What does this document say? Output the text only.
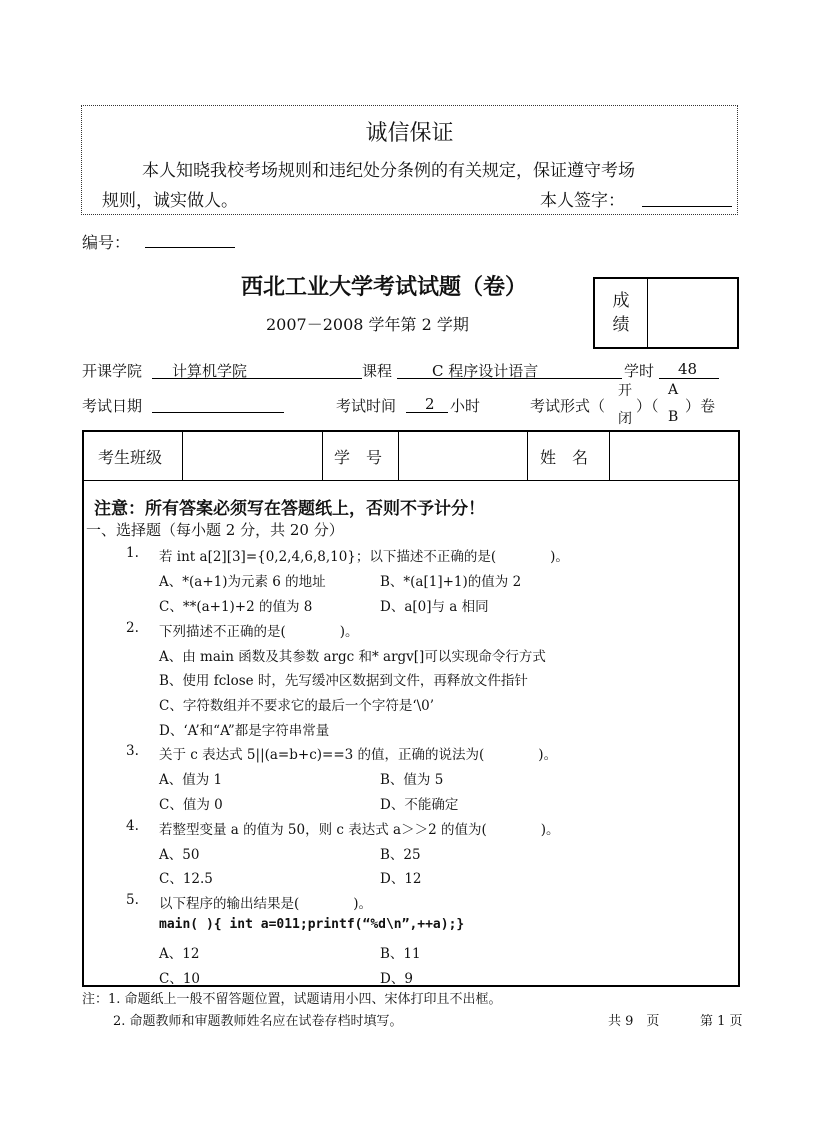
诚信保证
本人知晓我校考场规则和违纪处分条例的有关规定，保证遵守考场
规则，诚实做人。	本人签字：
编号：
西北工业大学考试试题（卷）
2007－2008 学年第 2 学期
成绩
开课学院 计算机学院	课程	C 程序设计语言	学时 48
考试日期	考试时间 2 小时	考试形式（
开
闭
）（
A
B
）卷
考生班级	学　号	姓　名
注意：所有答案必须写在答题纸上，否则不予计分！
一、选择题（每小题 2 分，共 20 分）
1. 若 int a[2][3]={0,2,4,6,8,10}；以下描述不正确的是(　　　　)。
A、*(a+1)为元素 6 的地址	B、*(a[1]+1)的值为 2
C、**(a+1)+2 的值为 8	D、a[0]与 a 相同
2. 下列描述不正确的是(　　　　)。
A、由 main 函数及其参数 argc 和* argv[]可以实现命令行方式
B、使用 fclose 时，先写缓冲区数据到文件，再释放文件指针
C、字符数组并不要求它的最后一个字符是‘\0’
D、‘A’和“A”都是字符串常量
3. 关于 c 表达式 5||(a=b+c)==3 的值，正确的说法为(　　　　)。
A、值为 1	B、值为 5
C、值为 0	D、不能确定
4. 若整型变量 a 的值为 50，则 c 表达式 a＞＞2 的值为(　　　　)。
A、50	B、25
C、12.5	D、12
5. 以下程序的输出结果是(　　　　)。
main( ){ int a=011;printf(“%d\n”,++a);}
A、12	B、11
C、10	D、9
注：1. 命题纸上一般不留答题位置，试题请用小四、宋体打印且不出框。
2. 命题教师和审题教师姓名应在试卷存档时填写。	共 9　页	第 1 页
